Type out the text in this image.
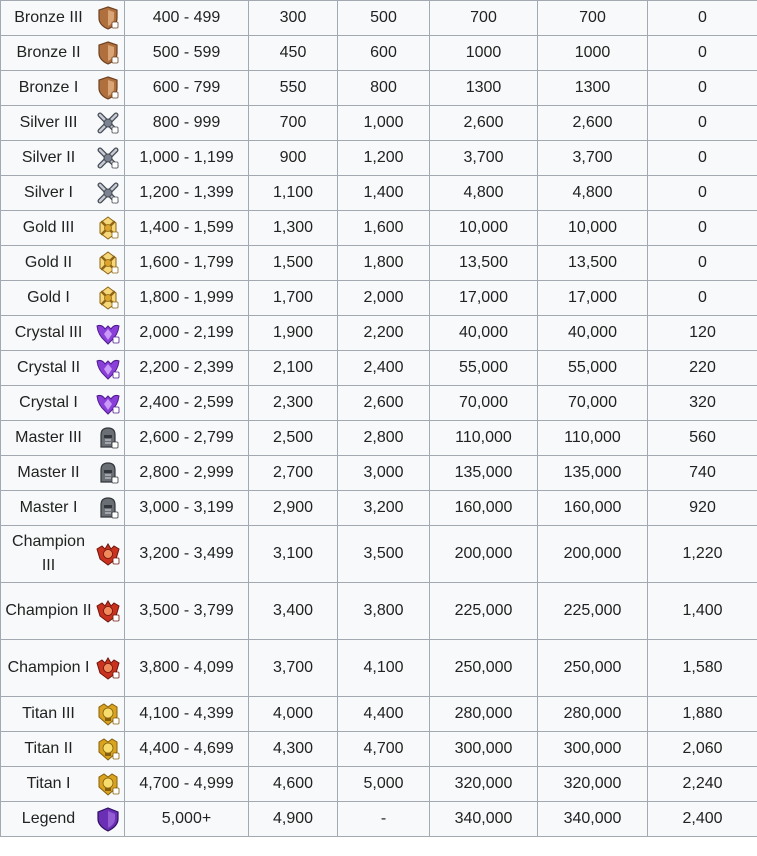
Bronze III	400 - 499	300	500	700	700	0

Bronze II	500 - 599	450	600	1000	1000	0

Bronze I	600 - 799	550	800	1300	1300	0

Silver III	800 - 999	700	1,000	2,600	2,600	0

Silver II	1,000 - 1,199	900	1,200	3,700	3,700	0

Silver I	1,200 - 1,399	1,100	1,400	4,800	4,800	0

Gold III	1,400 - 1,599	1,300	1,600	10,000	10,000	0

Gold II	1,600 - 1,799	1,500	1,800	13,500	13,500	0

Gold I	1,800 - 1,999	1,700	2,000	17,000	17,000	0

Crystal III	2,000 - 2,199	1,900	2,200	40,000	40,000	120

Crystal II	2,200 - 2,399	2,100	2,400	55,000	55,000	220

Crystal I	2,400 - 2,599	2,300	2,600	70,000	70,000	320

Master III	2,600 - 2,799	2,500	2,800	110,000	110,000	560

Master II	2,800 - 2,999	2,700	3,000	135,000	135,000	740

Master I	3,000 - 3,199	2,900	3,200	160,000	160,000	920

Champion III	3,200 - 3,499	3,100	3,500	200,000	200,000	1,220

Champion II	3,500 - 3,799	3,400	3,800	225,000	225,000	1,400

Champion I	3,800 - 4,099	3,700	4,100	250,000	250,000	1,580

Titan III	4,100 - 4,399	4,000	4,400	280,000	280,000	1,880

Titan II	4,400 - 4,699	4,300	4,700	300,000	300,000	2,060

Titan I	4,700 - 4,999	4,600	5,000	320,000	320,000	2,240

Legend	5,000+	4,900	-	340,000	340,000	2,400
